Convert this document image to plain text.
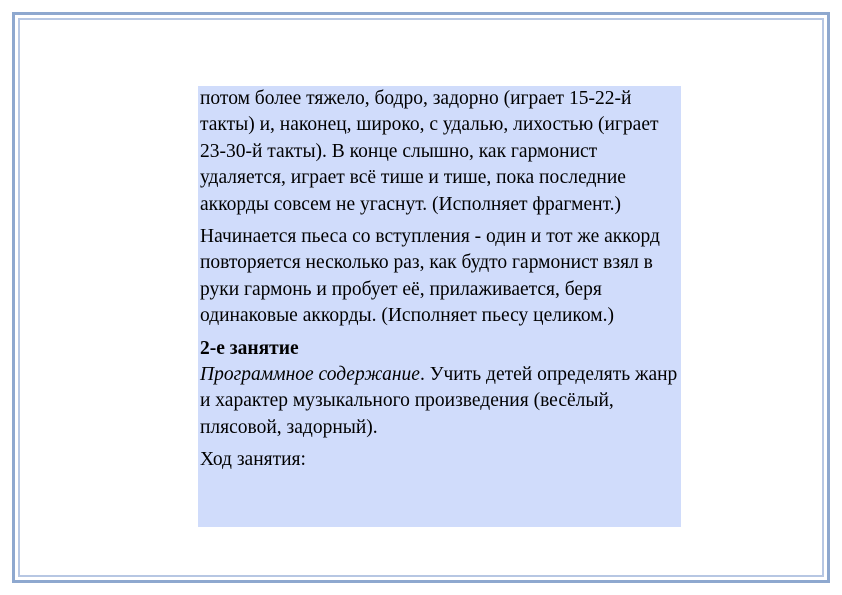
потом более тяжело, бодро, задорно (играет 15-22-й такты) и, наконец, широко, с удалью, лихостью (играет 23-30-й такты). В конце слышно, как гармонист удаляется, играет всё тише и тише, пока последние аккорды совсем не угаснут. (Исполняет фрагмент.)

Начинается пьеса со вступления - один и тот же аккорд повторяется несколько раз, как будто гармонист взял в руки гармонь и пробует её, прилаживается, беря одинаковые аккорды. (Исполняет пьесу целиком.)

2-е занятие

Программное содержание. Учить детей определять жанр и характер музыкального произведения (весёлый, плясовой, задорный).

Ход занятия:
